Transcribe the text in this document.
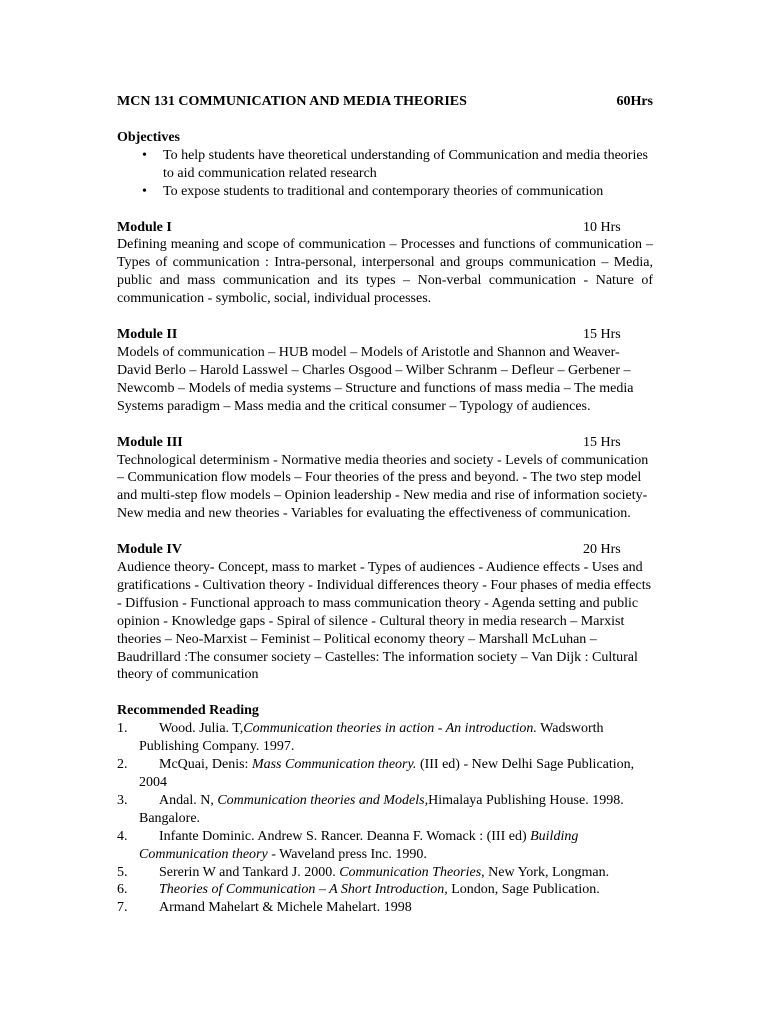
MCN 131 COMMUNICATION AND MEDIA THEORIES	60Hrs
Objectives
• To help students have theoretical understanding of Communication and media theories to aid communication related research
• To expose students to traditional and contemporary theories of communication
Module I	10 Hrs
Defining meaning and scope of communication – Processes and functions of communication – Types of communication : Intra-personal, interpersonal and groups communication – Media, public and mass communication and its types – Non-verbal communication - Nature of communication - symbolic, social, individual processes.
Module II	15 Hrs
Models of communication – HUB model – Models of Aristotle and Shannon and Weaver- David Berlo – Harold Lasswel – Charles Osgood – Wilber Schranm – Defleur – Gerbener – Newcomb – Models of media systems – Structure and functions of mass media – The media Systems paradigm – Mass media and the critical consumer – Typology of audiences.
Module III	15 Hrs
Technological determinism - Normative media theories and society - Levels of communication – Communication flow models – Four theories of the press and beyond. - The two step model and multi-step flow models – Opinion leadership - New media and rise of information society- New media and new theories - Variables for evaluating the effectiveness of communication.
Module IV	20 Hrs
Audience theory- Concept, mass to market - Types of audiences - Audience effects - Uses and gratifications - Cultivation theory - Individual differences theory - Four phases of media effects - Diffusion - Functional approach to mass communication theory - Agenda setting and public opinion - Knowledge gaps - Spiral of silence - Cultural theory in media research – Marxist theories – Neo-Marxist – Feminist – Political economy theory – Marshall McLuhan – Baudrillard :The consumer society – Castelles: The information society – Van Dijk : Cultural theory of communication
Recommended Reading
1. Wood. Julia. T,Communication theories in action - An introduction. Wadsworth Publishing Company. 1997.
2. McQuai, Denis: Mass Communication theory. (III ed) - New Delhi Sage Publication, 2004
3. Andal. N, Communication theories and Models,Himalaya Publishing House. 1998. Bangalore.
4. Infante Dominic. Andrew S. Rancer. Deanna F. Womack : (III ed) Building Communication theory - Waveland press Inc. 1990.
5. Sererin W and Tankard J. 2000. Communication Theories, New York, Longman.
6. Theories of Communication – A Short Introduction, London, Sage Publication.
7. Armand Mahelart & Michele Mahelart. 1998
